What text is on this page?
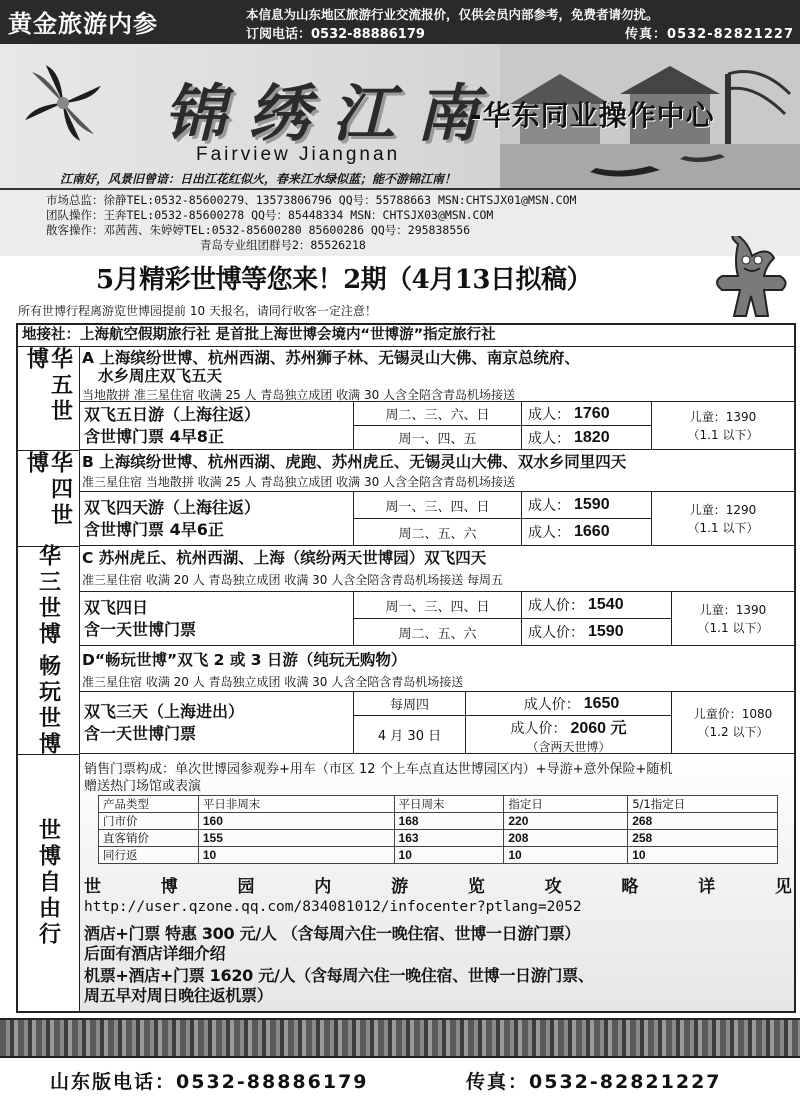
黄金旅游内参	本信息为山东地区旅游行业交流报价，仅供会员内部参考，免费者请勿扰。
订阅电话：0532-88886179	传真：0532-82821227
锦绣江南
-华东同业操作中心
Fairview Jiangnan
江南好，风景旧曾谙：日出江花红似火，春来江水绿似蓝；能不游锦江南！
市场总监：徐静TEL:0532-85600279、13573806796 QQ号：55788663 MSN:CHTSJX01@MSN.COM
团队操作：王奔TEL:0532-85600278 QQ号：85448334 MSN：CHTSJX03@MSN.COM
散客操作：邓茜茜、朱婷婷TEL:0532-85600280 85600286 QQ号：295838556
青岛专业组团群号2：85526218
5月精彩世博等您来！2期（4月13日拟稿）
所有世博行程离游览世博园提前 10 天报名，请同行收客一定注意！
地接社：上海航空假期旅行社 是首批上海世博会境内“世博游”指定旅行社
华五世博	A 上海缤纷世博、杭州西湖、苏州狮子林、无锡灵山大佛、南京总统府、
水乡周庄双飞五天
当地散拼 准三星住宿 收满 25 人 青岛独立成团 收满 30 人含全陪含青岛机场接送
双飞五日游（上海往返）
含世博门票 4早8正
周二、三、六、日	成人： 1760
周一、四、五	成人： 1820
儿童：1390
（1.1 以下）
华四世博	B 上海缤纷世博、杭州西湖、虎跑、苏州虎丘、无锡灵山大佛、双水乡同里四天
准三星住宿 当地散拼 收满 25 人 青岛独立成团 收满 30 人含全陪含青岛机场接送
双飞四天游（上海往返）
含世博门票 4早6正
周一、三、四、日	成人： 1590
周二、五、六	成人： 1660
儿童：1290
（1.1 以下）
华三世博
畅玩世博
C 苏州虎丘、杭州西湖、上海（缤纷两天世博园）双飞四天
准三星住宿 收满 20 人 青岛独立成团 收满 30 人含全陪含青岛机场接送 每周五
双飞四日
含一天世博门票
周一、三、四、日	成人价： 1540
周二、五、六	成人价： 1590
儿童：1390
（1.1 以下）
D“畅玩世博”双飞 2 或 3 日游（纯玩无购物）
准三星住宿 收满 20 人 青岛独立成团 收满 30 人含全陪含青岛机场接送
双飞三天（上海进出）
含一天世博门票
每周四	成人价： 1650
4 月 30 日	成人价： 2060 元
（含两天世博）
儿童价：1080
（1.2 以下）
世博自由行
销售门票构成：单次世博园参观券+用车（市区 12 个上车点直达世博园区内）+导游+意外保险+随机
赠送热门场馆或表演
产品类型	平日非周末	平日周末	指定日	5/1指定日
门市价	160	168	220	268
直客销价	155	163	208	258
同行返	10	10	10	10
世	博	园	内	游	览	攻	略	详	见
http://user.qzone.qq.com/834081012/infocenter?ptlang=2052
酒店+门票 特惠 300 元/人 （含每周六住一晚住宿、世博一日游门票）
后面有酒店详细介绍
机票+酒店+门票 1620 元/人（含每周六住一晚住宿、世博一日游门票、
周五早对周日晚往返机票）
山东版电话：0532-88886179	传真：0532-82821227
